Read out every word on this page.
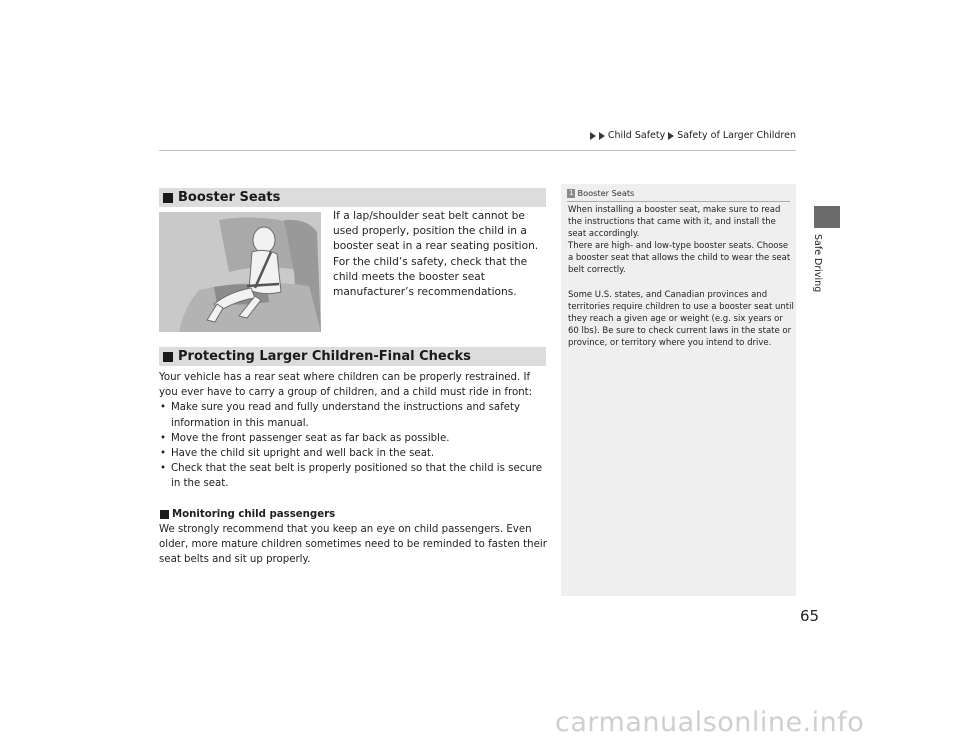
Child Safety Safety of Larger Children
Safe Driving
Booster Seats
If a lap/shoulder seat belt cannot be used properly, position the child in a booster seat in a rear seating position. For the child’s safety, check that the child meets the booster seat manufacturer’s recommendations.
Protecting Larger Children-Final Checks

Your vehicle has a rear seat where children can be properly restrained. If you ever have to carry a group of children, and a child must ride in front:

• Make sure you read and fully understand the instructions and safety information in this manual.
• Move the front passenger seat as far back as possible.
• Have the child sit upright and well back in the seat.
• Check that the seat belt is properly positioned so that the child is secure in the seat.
Monitoring child passengers

We strongly recommend that you keep an eye on child passengers. Even older, more mature children sometimes need to be reminded to fasten their seat belts and sit up properly.

1 Booster Seats

When installing a booster seat, make sure to read the instructions that came with it, and install the seat accordingly.

There are high- and low-type booster seats. Choose a booster seat that allows the child to wear the seat belt correctly.

Some U.S. states, and Canadian provinces and territories require children to use a booster seat until they reach a given age or weight (e.g. six years or 60 lbs). Be sure to check current laws in the state or province, or territory where you intend to drive.

65
carmanualsonline.info
